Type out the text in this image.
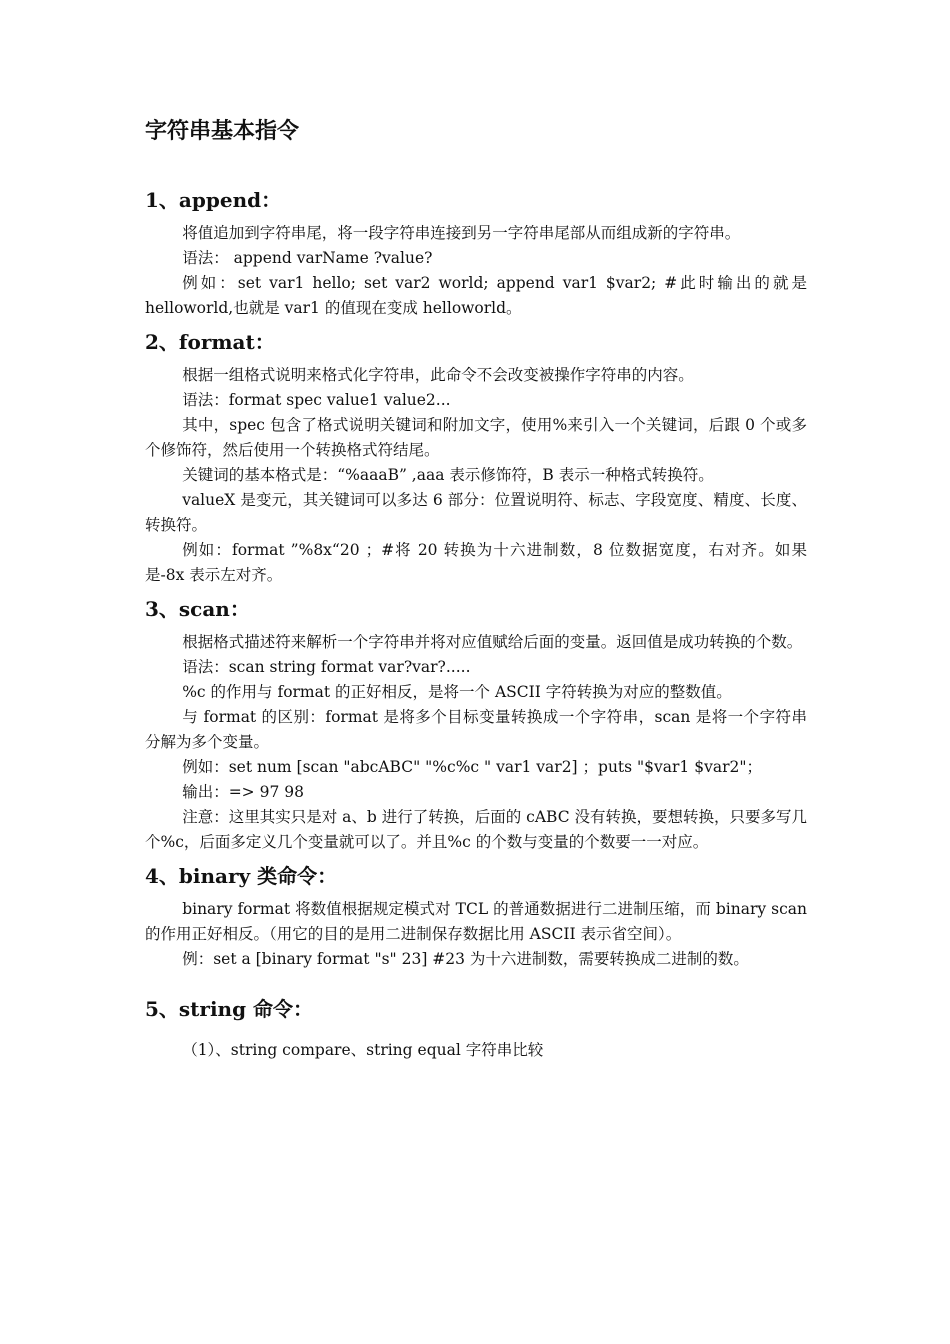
字符串基本指令
1、append：

将值追加到字符串尾，将一段字符串连接到另一字符串尾部从而组成新的字符串。

语法： append varName ?value?

例如：set var1 hello; set var2 world; append var1 $var2; #此时输出的就是 helloworld,也就是 var1 的值现在变成 helloworld。

2、format：

根据一组格式说明来格式化字符串，此命令不会改变被操作字符串的内容。

语法：format spec value1 value2...

其中，spec 包含了格式说明关键词和附加文字，使用%来引入一个关键词，后跟 0 个或多个修饰符，然后使用一个转换格式符结尾。

关键词的基本格式是：“%aaaB” ,aaa 表示修饰符，B 表示一种格式转换符。

valueX 是变元，其关键词可以多达 6 部分：位置说明符、标志、字段宽度、精度、长度、转换符。

例如：format ”%8x“20 ；#将 20 转换为十六进制数，8 位数据宽度，右对齐。如果是-8x 表示左对齐。

3、scan：

根据格式描述符来解析一个字符串并将对应值赋给后面的变量。返回值是成功转换的个数。

语法：scan string format var?var?.....

%c 的作用与 format 的正好相反，是将一个 ASCII 字符转换为对应的整数值。

与 format 的区别：format 是将多个目标变量转换成一个字符串，scan 是将一个字符串分解为多个变量。

例如：set num [scan "abcABC" "%c%c " var1 var2] ；puts "$var1 $var2"；

输出：=> 97 98

注意：这里其实只是对 a、b 进行了转换，后面的 cABC 没有转换，要想转换，只要多写几个%c，后面多定义几个变量就可以了。并且%c 的个数与变量的个数要一一对应。

4、binary 类命令：

binary format 将数值根据规定模式对 TCL 的普通数据进行二进制压缩，而 binary scan 的作用正好相反。（用它的目的是用二进制保存数据比用 ASCII 表示省空间）。

例：set a [binary format "s" 23] #23 为十六进制数，需要转换成二进制的数。

5、string 命令：

（1）、string compare、string equal 字符串比较
